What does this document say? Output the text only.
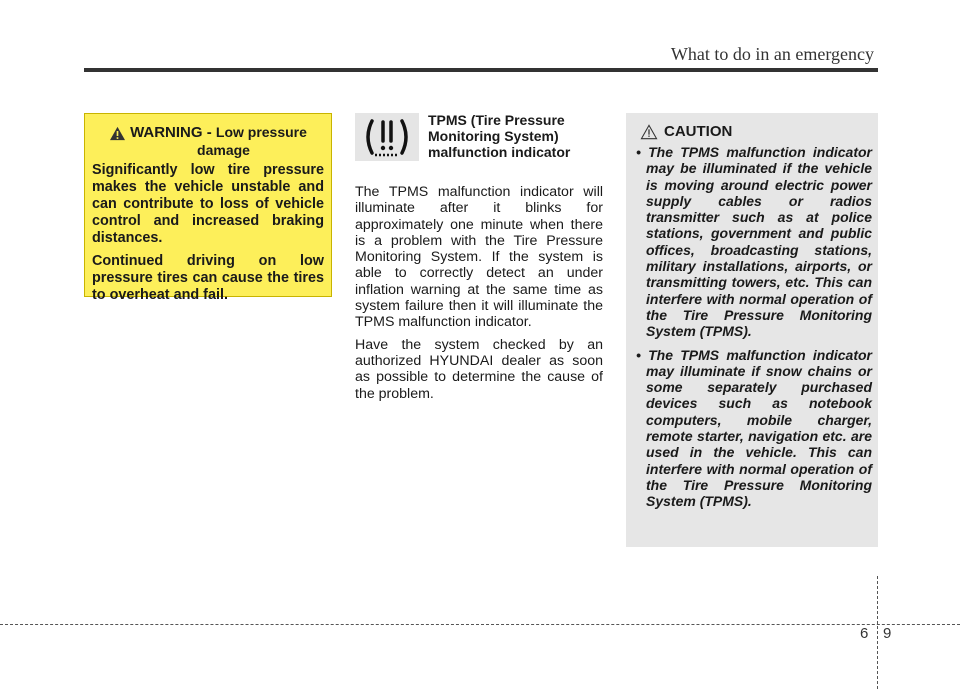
What to do in an emergency
WARNING - Low pressure
damage

Significantly low tire pressure makes the vehicle unstable and can contribute to loss of vehicle control and increased braking distances.

Continued driving on low pressure tires can cause the tires to overheat and fail.

TPMS (Tire Pressure
Monitoring System)
malfunction indicator

The TPMS malfunction indicator will illuminate after it blinks for approximately one minute when there is a problem with the Tire Pressure Monitoring System. If the system is able to correctly detect an under inflation warning at the same time as system failure then it will illuminate the TPMS malfunction indicator.

Have the system checked by an authorized HYUNDAI dealer as soon as possible to determine the cause of the problem.

CAUTION
• The TPMS malfunction indicator may be illuminated if the vehicle is moving around electric power supply cables or radios transmitter such as at police stations, government and public offices, broadcasting stations, military installations, airports, or transmitting towers, etc. This can interfere with normal operation of the Tire Pressure Monitoring System (TPMS).
• The TPMS malfunction indicator may illuminate if snow chains or some separately purchased devices such as notebook computers, mobile charger, remote starter, navigation etc. are used in the vehicle. This can interfere with normal operation of the Tire Pressure Monitoring System (TPMS).
6 9
